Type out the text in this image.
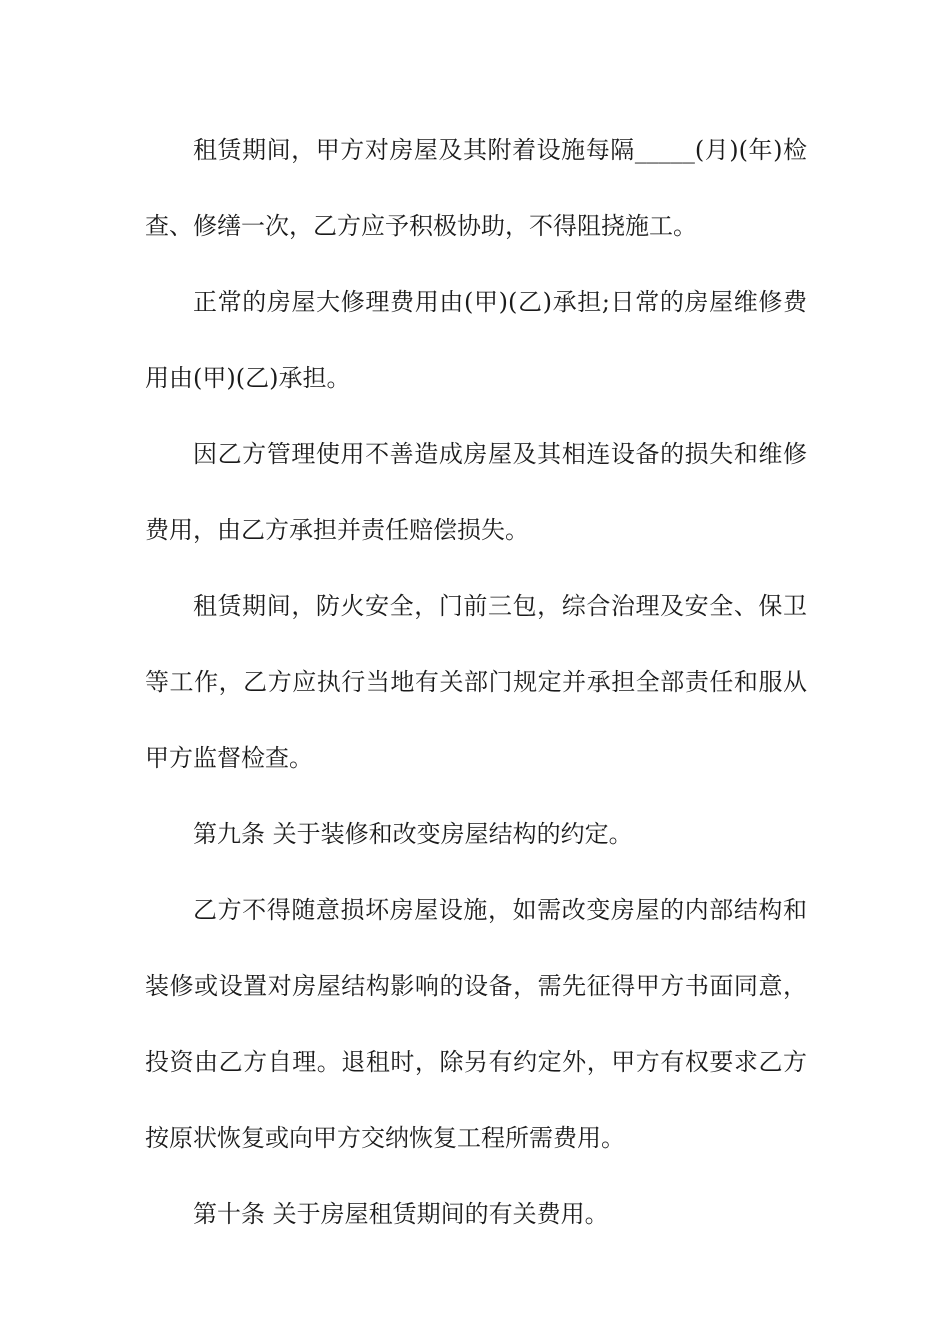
租赁期间，甲方对房屋及其附着设施每隔_____(月)(年)检查、修缮一次，乙方应予积极协助，不得阻挠施工。

正常的房屋大修理费用由(甲)(乙)承担;日常的房屋维修费用由(甲)(乙)承担。

因乙方管理使用不善造成房屋及其相连设备的损失和维修费用，由乙方承担并责任赔偿损失。

租赁期间，防火安全，门前三包，综合治理及安全、保卫等工作，乙方应执行当地有关部门规定并承担全部责任和服从甲方监督检查。

第九条 关于装修和改变房屋结构的约定。

乙方不得随意损坏房屋设施，如需改变房屋的内部结构和装修或设置对房屋结构影响的设备，需先征得甲方书面同意，投资由乙方自理。退租时，除另有约定外，甲方有权要求乙方按原状恢复或向甲方交纳恢复工程所需费用。

第十条 关于房屋租赁期间的有关费用。
